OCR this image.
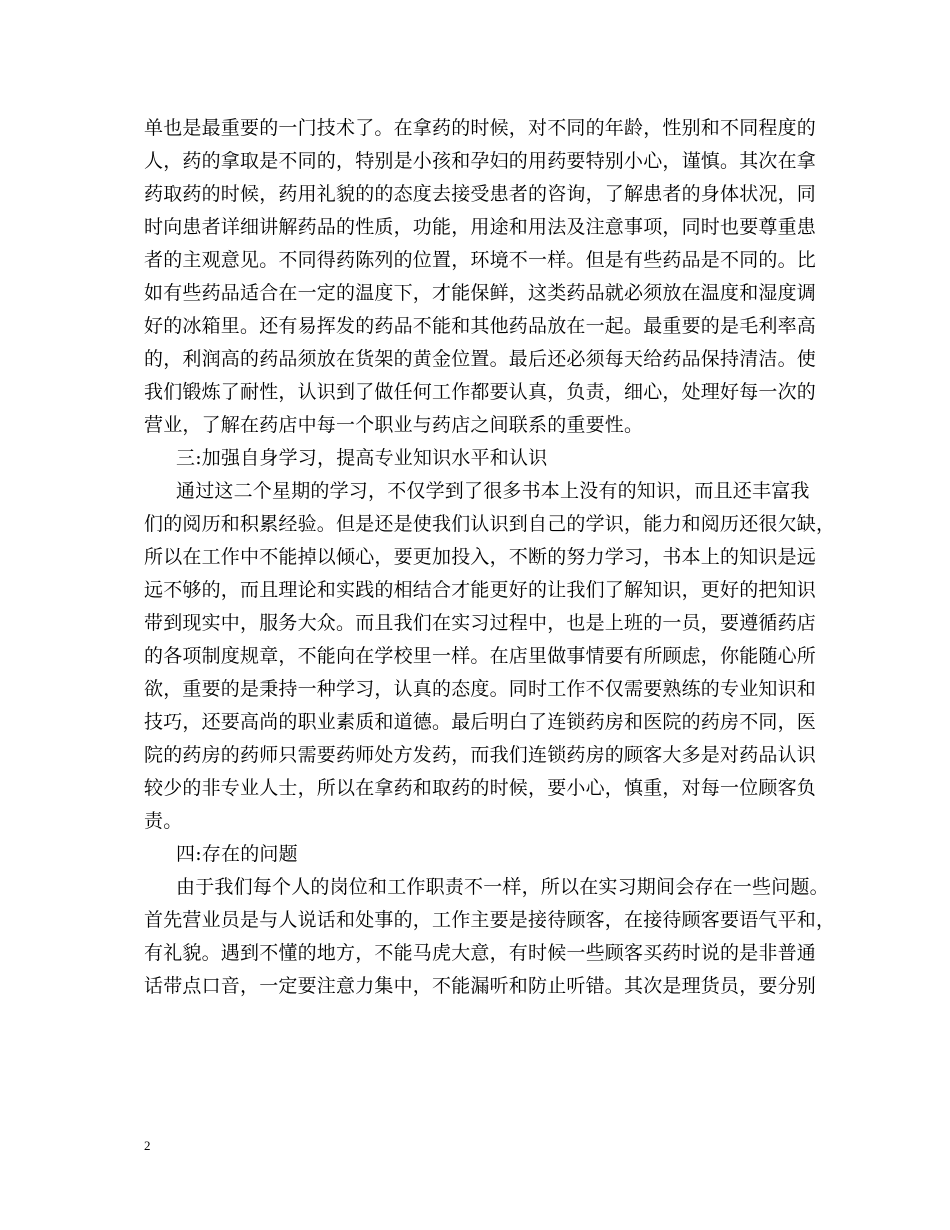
单也是最重要的一门技术了。在拿药的时候，对不同的年龄，性别和不同程度的
人，药的拿取是不同的，特别是小孩和孕妇的用药要特别小心，谨慎。其次在拿
药取药的时候，药用礼貌的的态度去接受患者的咨询，了解患者的身体状况，同
时向患者详细讲解药品的性质，功能，用途和用法及注意事项，同时也要尊重患
者的主观意见。不同得药陈列的位置，环境不一样。但是有些药品是不同的。比
如有些药品适合在一定的温度下，才能保鲜，这类药品就必须放在温度和湿度调
好的冰箱里。还有易挥发的药品不能和其他药品放在一起。最重要的是毛利率高
的，利润高的药品须放在货架的黄金位置。最后还必须每天给药品保持清洁。使
我们锻炼了耐性，认识到了做任何工作都要认真，负责，细心，处理好每一次的
营业，了解在药店中每一个职业与药店之间联系的重要性。
三:加强自身学习，提高专业知识水平和认识
通过这二个星期的学习，不仅学到了很多书本上没有的知识，而且还丰富我
们的阅历和积累经验。但是还是使我们认识到自己的学识，能力和阅历还很欠缺，
所以在工作中不能掉以倾心，要更加投入，不断的努力学习，书本上的知识是远
远不够的，而且理论和实践的相结合才能更好的让我们了解知识，更好的把知识
带到现实中，服务大众。而且我们在实习过程中，也是上班的一员，要遵循药店
的各项制度规章，不能向在学校里一样。在店里做事情要有所顾虑，你能随心所
欲，重要的是秉持一种学习，认真的态度。同时工作不仅需要熟练的专业知识和
技巧，还要高尚的职业素质和道德。最后明白了连锁药房和医院的药房不同，医
院的药房的药师只需要药师处方发药，而我们连锁药房的顾客大多是对药品认识
较少的非专业人士，所以在拿药和取药的时候，要小心，慎重，对每一位顾客负
责。
四:存在的问题
由于我们每个人的岗位和工作职责不一样，所以在实习期间会存在一些问题。
首先营业员是与人说话和处事的，工作主要是接待顾客，在接待顾客要语气平和，
有礼貌。遇到不懂的地方，不能马虎大意，有时候一些顾客买药时说的是非普通
话带点口音，一定要注意力集中，不能漏听和防止听错。其次是理货员，要分别
2
